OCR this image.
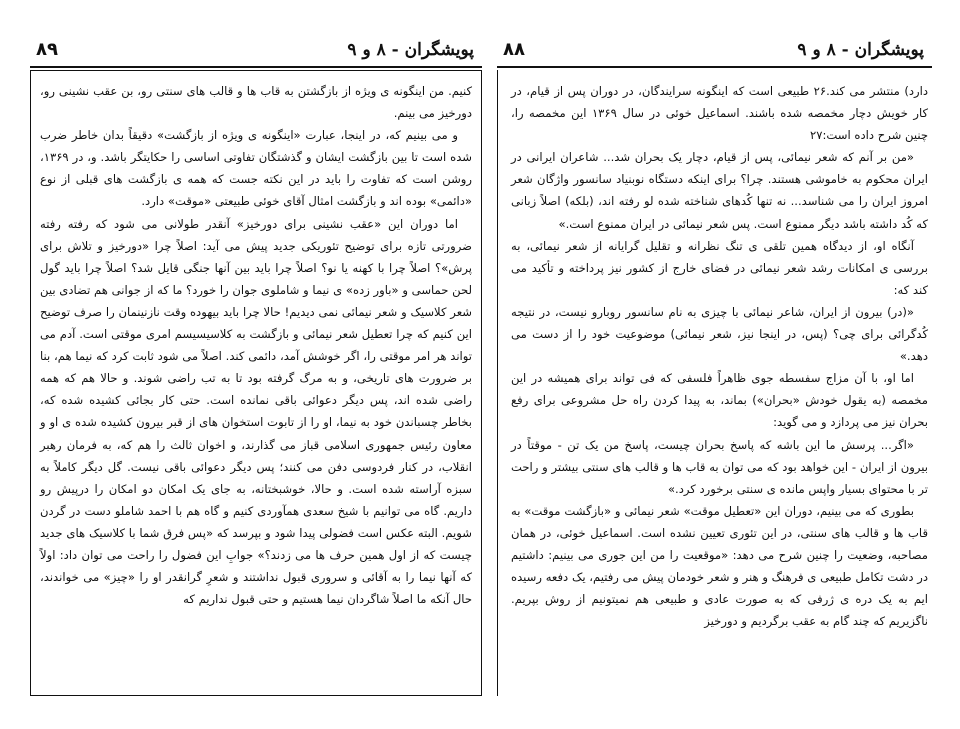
پویشگران - ۸ و ۹
۸۹

کنیم. من اینگونه ی ویژه از بازگشتن به قاب ها و قالب های سنتی رو، بن عقب نشینی رو، دورخیز می بینم.

و می بینیم که، در اینجا، عبارت «اینگونه ی ویژه از بازگشت» دقیقاً بدان خاطر ضرب شده است تا بین بازگشت ایشان و گذشتگان تفاوتی اساسی را حکایتگر باشد. و، در ۱۳۶۹، روشن است که تفاوت را باید در این نکته جست که همه ی بازگشت های قبلی از نوع «دائمی» بوده اند و بازگشت امثال آقای خوئی طبیعتی «موقت» دارد.

اما دوران این «عقب نشینی برای دورخیز» آنقدر طولانی می شود که رفته رفته ضرورتی تازه برای توضیح تئوریکی جدید پیش می آید: اصلاً چرا «دورخیز و تلاش برای پرش»؟ اصلاً چرا با کهنه یا نو؟ اصلاً چرا باید بین آنها جنگی قایل شد؟ اصلاً چرا باید گول لحن حماسی و «باور زده» ی نیما و شاملوی جوان را خورد؟ ما که از جوانی هم تضادی بین شعر کلاسیک و شعر نیمائی نمی دیدیم! حالا چرا باید بیهوده وقت نازنینمان را صرف توضیح این کنیم که چرا تعطیل شعر نیمائی و بازگشت به کلاسیسیسم امری موقتی است. آدم می تواند هر امر موقتی را، اگر خوشش آمد، دائمی کند. اصلاً می شود ثابت کرد که نیما هم، بنا بر ضرورت های تاریخی، و به مرگ گرفته بود تا به تب راضی شوند. و حالا هم که همه راضی شده اند، پس دیگر دعوائی باقی نمانده است. حتی کار بجائی کشیده شده که، بخاطر چسباندن خود به نیما، او را از تابوت استخوان های از قبر بیرون کشیده شده ی او و معاون رئیس جمهوری اسلامی قباز می گذارند، و اخوان ثالث را هم که، به فرمان رهبر انقلاب، در کنار فردوسی دفن می کنند؛ پس دیگر دعوائی باقی نیست. گل دیگر کاملاً به سبزه آراسته شده است. و حالا، خوشبختانه، به جای یک امکان دو امکان را درپیش رو داریم. گاه می توانیم با شیخ سعدی همآوردی کنیم و گاه هم با احمد شاملو دست در گردن شویم. البته عکس است فضولی پیدا شود و بپرسد که «پس فرق شما با کلاسیک های جدید چیست که از اول همین حرف ها می زدند؟» جوابِ این فضول را راحت می توان داد: اولاً که آنها نیما را به آقائی و سروری قبول نداشتند و شعرِ گرانقدر او را «چیز» می خواندند، حال آنکه ما اصلاً شاگردان نیما هستیم و حتی قبول نداریم که

پویشگران - ۸ و ۹
۸۸

دارد) منتشر می کند.۲۶ طبیعی است که اینگونه سرایندگان، در دوران پس از قیام، در کار خویش دچار مخمصه شده باشند. اسماعیل خوئی در سال ۱۳۶۹ این مخمصه را، چنین شرح داده است:۲۷

«من بر آنم که شعر نیمائی، پس از قیام، دچار یک بحران شد... شاعران ایرانی در ایران محکوم به خاموشی هستند. چرا؟ برای اینکه دستگاه نوبنیاد سانسور واژگان شعر امروز ایران را می شناسد... نه تنها کُدهای شناخته شده لو رفته اند، (بلکه) اصلاً زبانی که کُد داشته باشد دیگر ممنوع است. پس شعر نیمائی در ایران ممنوع است.»

آنگاه او، از دیدگاه همین تلقی ی تنگ نظرانه و تقلیل گرایانه از شعر نیمائی، به بررسی ی امکانات رشد شعر نیمائی در فضای خارج از کشور نیز پرداخته و تأکید می کند که:

«(در) بیرون از ایران، شاعر نیمائی با چیزی به نام سانسور روبارو نیست، در نتیجه کُدگرائی برای چی؟ (پس، در اینجا نیز، شعر نیمائی) موضوعیت خود را از دست می دهد.»

اما او، با آن مزاج سفسطه جوی ظاهراً فلسفی که فی تواند برای همیشه در این مخمصه (به یقول خودش «بحران») بماند، به پیدا کردن راه حل مشروعی برای رفع بحران نیز می پردازد و می گوید:

«اگر... پرسش ما این باشه که پاسخ بحران چیست، پاسخ من یک تن - موقتاً در بیرون از ایران - این خواهد بود که می توان به قاب ها و قالب های سنتی بیشتر و راحت تر با محتوای بسیار واپس مانده ی سنتی برخورد کرد.»

بطوری که می بینیم، دوران این «تعطیل موقت» شعر نیمائی و «بازگشت موقت» به قاب ها و قالب های سنتی، در این تئوری تعیین نشده است. اسماعیل خوئی، در همان مصاحبه، وضعیت را چنین شرح می دهد: «موقعیت را من این جوری می بینیم: داشتیم در دشت تکامل طبیعی ی فرهنگ و هنر و شعر خودمان پیش می رفتیم، یک دفعه رسیده ایم به یک دره ی ژرفی که به صورت عادی و طبیعی هم نمیتونیم از روش بپریم. ناگزیریم که چند گام به عقب برگردیم و دورخیز
